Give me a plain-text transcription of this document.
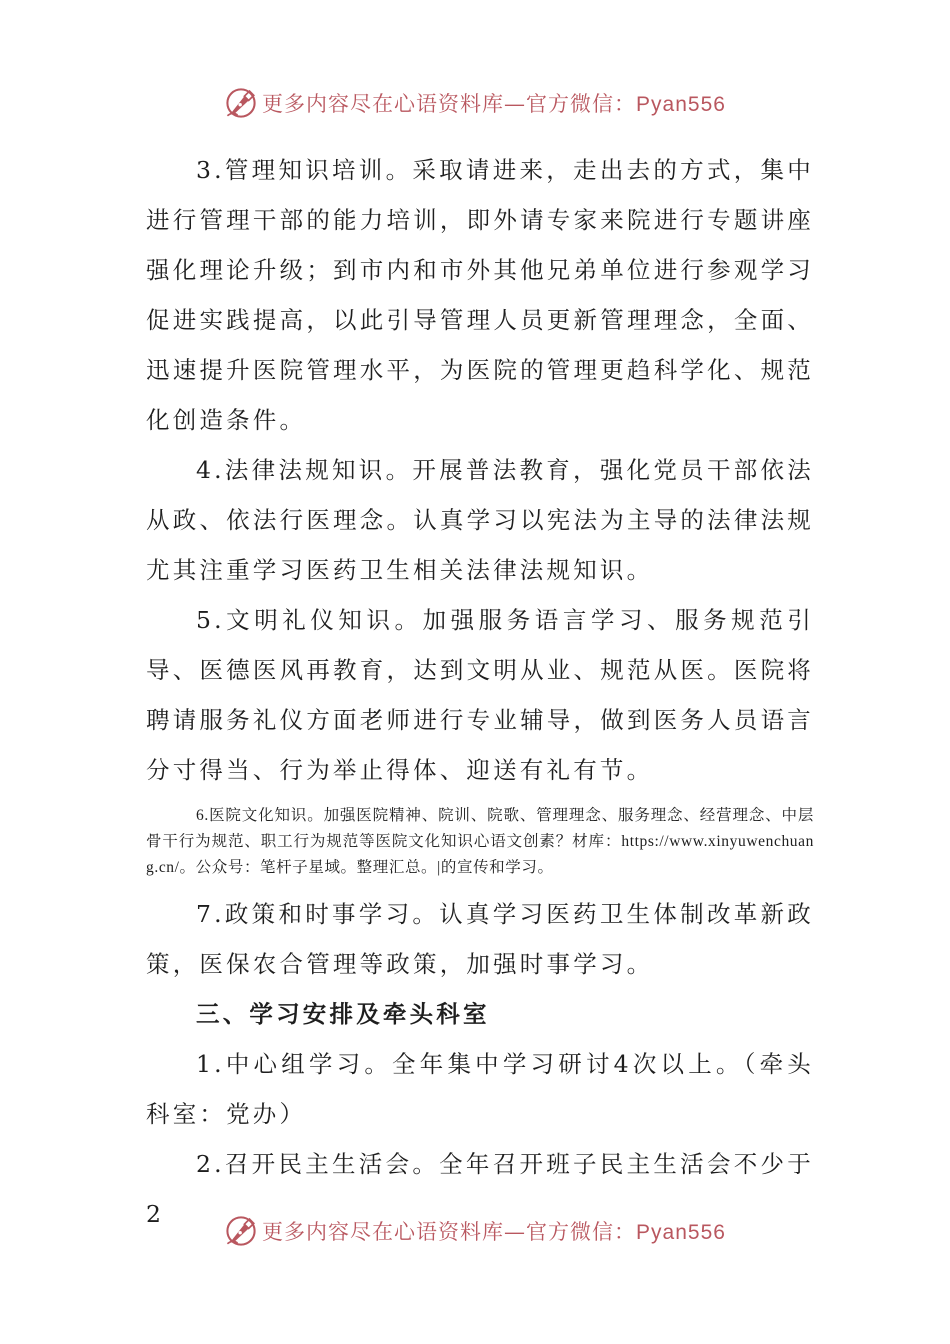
更多内容尽在心语资料库—官方微信：Pyan556

3.管理知识培训。采取请进来，走出去的方式，集中进行管理干部的能力培训，即外请专家来院进行专题讲座强化理论升级；到市内和市外其他兄弟单位进行参观学习促进实践提高，以此引导管理人员更新管理理念，全面、迅速提升医院管理水平，为医院的管理更趋科学化、规范化创造条件。

4.法律法规知识。开展普法教育，强化党员干部依法从政、依法行医理念。认真学习以宪法为主导的法律法规尤其注重学习医药卫生相关法律法规知识。

5.文明礼仪知识。加强服务语言学习、服务规范引导、医德医风再教育，达到文明从业、规范从医。医院将聘请服务礼仪方面老师进行专业辅导，做到医务人员语言分寸得当、行为举止得体、迎送有礼有节。

6.医院文化知识。加强医院精神、院训、院歌、管理理念、服务理念、经营理念、中层骨干行为规范、职工行为规范等医院文化知识心语文创素？材库：https://www.xinyuwenchuang.cn/。公众号：笔杆子星域。整理汇总。|的宣传和学习。

7.政策和时事学习。认真学习医药卫生体制改革新政策，医保农合管理等政策，加强时事学习。

三、学习安排及牵头科室

1.中心组学习。全年集中学习研讨4次以上。（牵头科室：党办）

2.召开民主生活会。全年召开班子民主生活会不少于2

更多内容尽在心语资料库—官方微信：Pyan556
